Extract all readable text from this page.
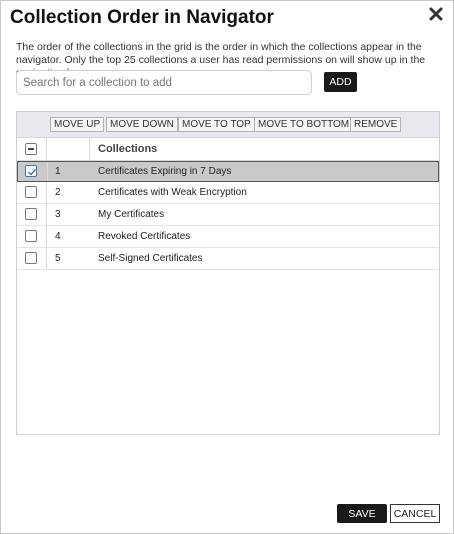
Collection Order in Navigator
The order of the collections in the grid is the order in which the collections appear in the navigator. Only the top 25 collections a user has read permissions on will show up in the
Search for a collection to add
ADD
MOVE UP MOVE DOWN MOVE TO TOP MOVE TO BOTTOM REMOVE
Collections
1	Certificates Expiring in 7 Days
2	Certificates with Weak Encryption
3	My Certificates
4	Revoked Certificates
5	Self-Signed Certificates
SAVE	CANCEL
